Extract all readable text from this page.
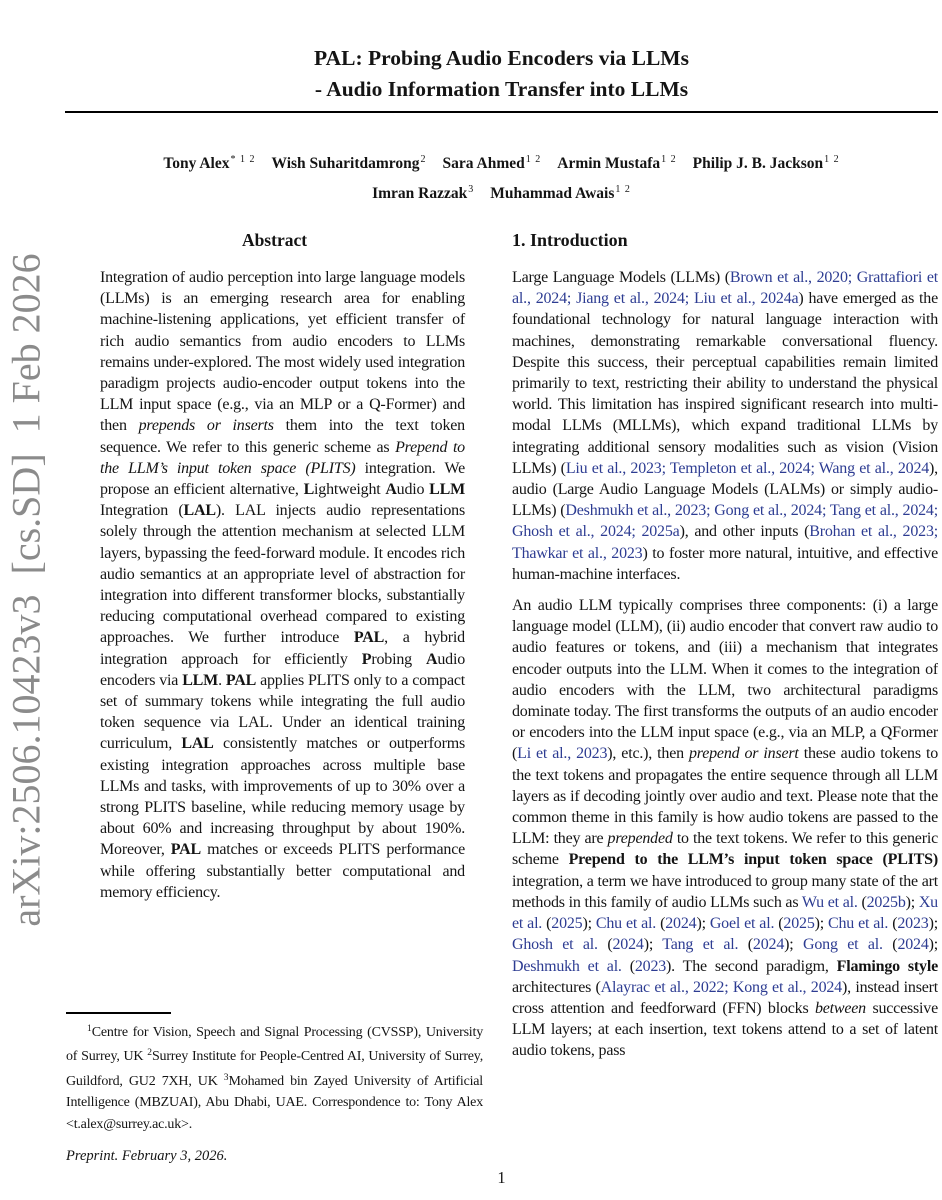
arXiv:2506.10423v3  [cs.SD]  1 Feb 2026
PAL: Probing Audio Encoders via LLMs
- Audio Information Transfer into LLMs
Tony Alex$^{* 1 2}$ Wish Suharitdamrong$^2$ Sara Ahmed$^{1 2}$ Armin Mustafa$^{1 2}$ Philip J. B. Jackson$^{1 2}$
Imran Razzak$^3$ Muhammad Awais$^{1 2}$
Abstract
Integration of audio perception into large language models (LLMs) is an emerging research area for enabling machine-listening applications, yet efficient transfer of rich audio semantics from audio encoders to LLMs remains under-explored. The most widely used integration paradigm projects audio-encoder output tokens into the LLM input space (e.g., via an MLP or a Q-Former) and then prepends or inserts them into the text token sequence. We refer to this generic scheme as Prepend to the LLM’s input token space (PLITS) integration. We propose an efficient alternative, Lightweight Audio LLM Integration (LAL). LAL injects audio representations solely through the attention mechanism at selected LLM layers, bypassing the feed-forward module. It encodes rich audio semantics at an appropriate level of abstraction for integration into different transformer blocks, substantially reducing computational overhead compared to existing approaches. We further introduce PAL, a hybrid integration approach for efficiently Probing Audio encoders via LLM. PAL applies PLITS only to a compact set of summary tokens while integrating the full audio token sequence via LAL. Under an identical training curriculum, LAL consistently matches or outperforms existing integration approaches across multiple base LLMs and tasks, with improvements of up to 30% over a strong PLITS baseline, while reducing memory usage by about 60% and increasing throughput by about 190%. Moreover, PAL matches or exceeds PLITS performance while offering substantially better computational and memory efficiency.
$^1$Centre for Vision, Speech and Signal Processing (CVSSP), University of Surrey, UK $^2$Surrey Institute for People-Centred AI, University of Surrey, Guildford, GU2 7XH, UK $^3$Mohamed bin Zayed University of Artificial Intelligence (MBZUAI), Abu Dhabi, UAE. Correspondence to: Tony Alex <t.alex@surrey.ac.uk>.
Preprint. February 3, 2026.
1. Introduction
Large Language Models (LLMs) (Brown et al., 2020; Grattafiori et al., 2024; Jiang et al., 2024; Liu et al., 2024a) have emerged as the foundational technology for natural language interaction with machines, demonstrating remarkable conversational fluency. Despite this success, their perceptual capabilities remain limited primarily to text, restricting their ability to understand the physical world. This limitation has inspired significant research into multi-modal LLMs (MLLMs), which expand traditional LLMs by integrating additional sensory modalities such as vision (Vision LLMs) (Liu et al., 2023; Templeton et al., 2024; Wang et al., 2024), audio (Large Audio Language Models (LALMs) or simply audio-LLMs) (Deshmukh et al., 2023; Gong et al., 2024; Tang et al., 2024; Ghosh et al., 2024; 2025a), and other inputs (Brohan et al., 2023; Thawkar et al., 2023) to foster more natural, intuitive, and effective human-machine interfaces.
An audio LLM typically comprises three components: (i) a large language model (LLM), (ii) audio encoder that convert raw audio to audio features or tokens, and (iii) a mechanism that integrates encoder outputs into the LLM. When it comes to the integration of audio encoders with the LLM, two architectural paradigms dominate today. The first transforms the outputs of an audio encoder or encoders into the LLM input space (e.g., via an MLP, a QFormer (Li et al., 2023), etc.), then prepend or insert these audio tokens to the text tokens and propagates the entire sequence through all LLM layers as if decoding jointly over audio and text. Please note that the common theme in this family is how audio tokens are passed to the LLM: they are prepended to the text tokens. We refer to this generic scheme Prepend to the LLM’s input token space (PLITS) integration, a term we have introduced to group many state of the art methods in this family of audio LLMs such as Wu et al. (2025b); Xu et al. (2025); Chu et al. (2024); Goel et al. (2025); Chu et al. (2023); Ghosh et al. (2024); Tang et al. (2024); Gong et al. (2024); Deshmukh et al. (2023). The second paradigm, Flamingo style architectures (Alayrac et al., 2022; Kong et al., 2024), instead insert cross attention and feedforward (FFN) blocks between successive LLM layers; at each insertion, text tokens attend to a set of latent audio tokens, pass
1
